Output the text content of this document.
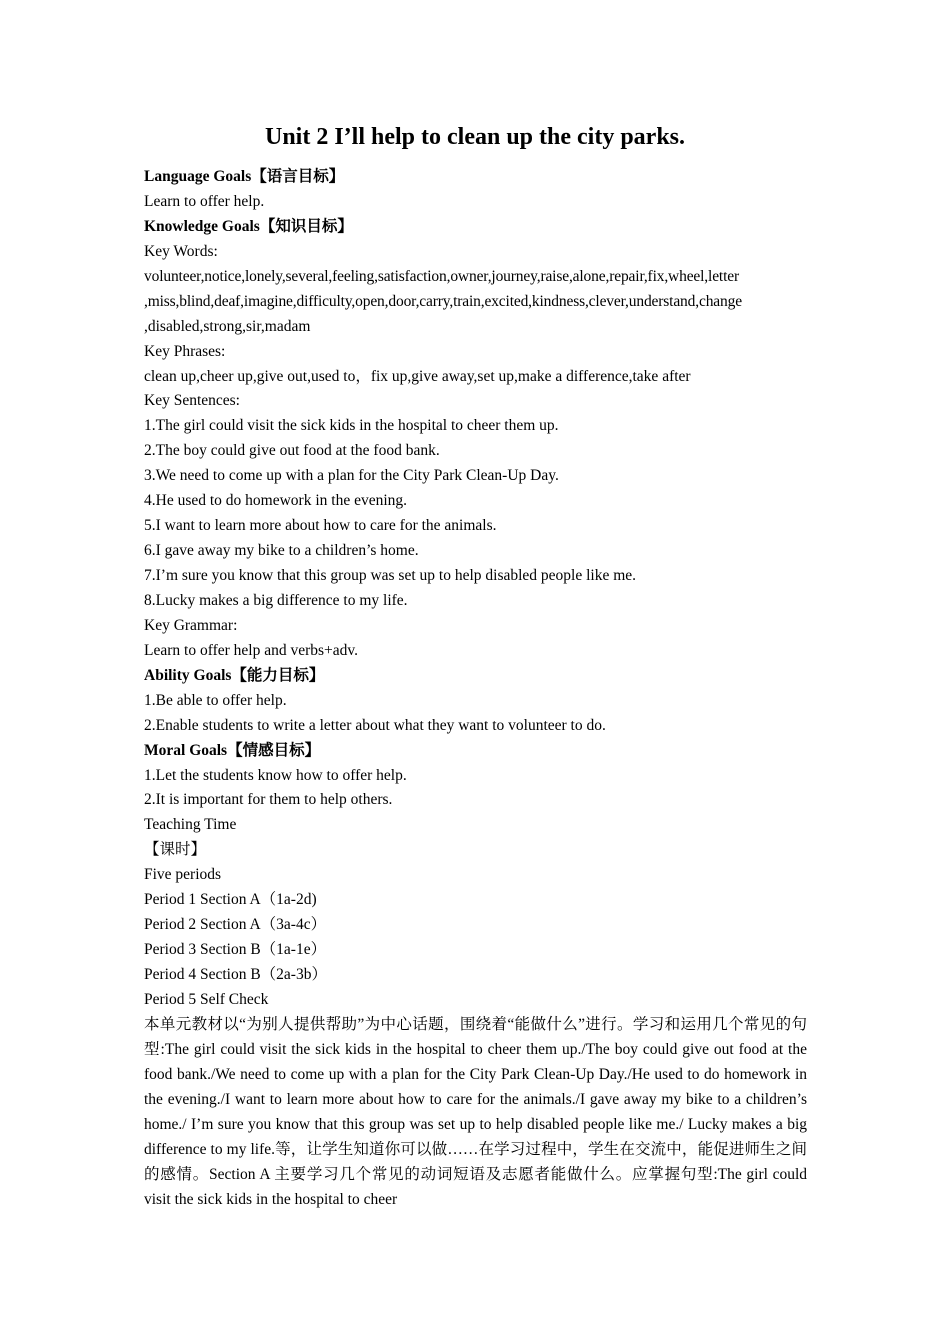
Unit 2 I’ll help to clean up the city parks.
Language Goals【语言目标】
Learn to offer help.
Knowledge Goals【知识目标】
Key Words:
volunteer,notice,lonely,several,feeling,satisfaction,owner,journey,raise,alone,repair,fix,wheel,letter
,miss,blind,deaf,imagine,difficulty,open,door,carry,train,excited,kindness,clever,understand,change
,disabled,strong,sir,madam
Key Phrases:
clean up,cheer up,give out,used to，fix up,give away,set up,make a difference,take after
Key Sentences:
1.The girl could visit the sick kids in the hospital to cheer them up.
2.The boy could give out food at the food bank.
3.We need to come up with a plan for the City Park Clean-Up Day.
4.He used to do homework in the evening.
5.I want to learn more about how to care for the animals.
6.I gave away my bike to a children’s home.
7.I’m sure you know that this group was set up to help disabled people like me.
8.Lucky makes a big difference to my life.
Key Grammar:
Learn to offer help and verbs+adv.
Ability Goals【能力目标】
1.Be able to offer help.
2.Enable students to write a letter about what they want to volunteer to do.
Moral Goals【情感目标】
1.Let the students know how to offer help.
2.It is important for them to help others.
Teaching Time
【课时】
Five periods
Period 1 Section A（1a-2d)
Period 2 Section A（3a-4c）
Period 3 Section B（1a-1e）
Period 4 Section B（2a-3b）
Period 5 Self Check
本单元教材以“为别人提供帮助”为中心话题，围绕着“能做什么”进行。学习和运用几个常见的句型:The girl could visit the sick kids in the hospital to cheer them up./The boy could give out food at the food bank./We need to come up with a plan for the City Park Clean-Up Day./He used to do homework in the evening./I want to learn more about how to care for the animals./I gave away my bike to a children’s home./ I’m sure you know that this group was set up to help disabled people like me./ Lucky makes a big difference to my life.等，让学生知道你可以做……在学习过程中，学生在交流中，能促进师生之间的感情。Section A 主要学习几个常见的动词短语及志愿者能做什么。应掌握句型:The girl could visit the sick kids in the hospital to cheer
